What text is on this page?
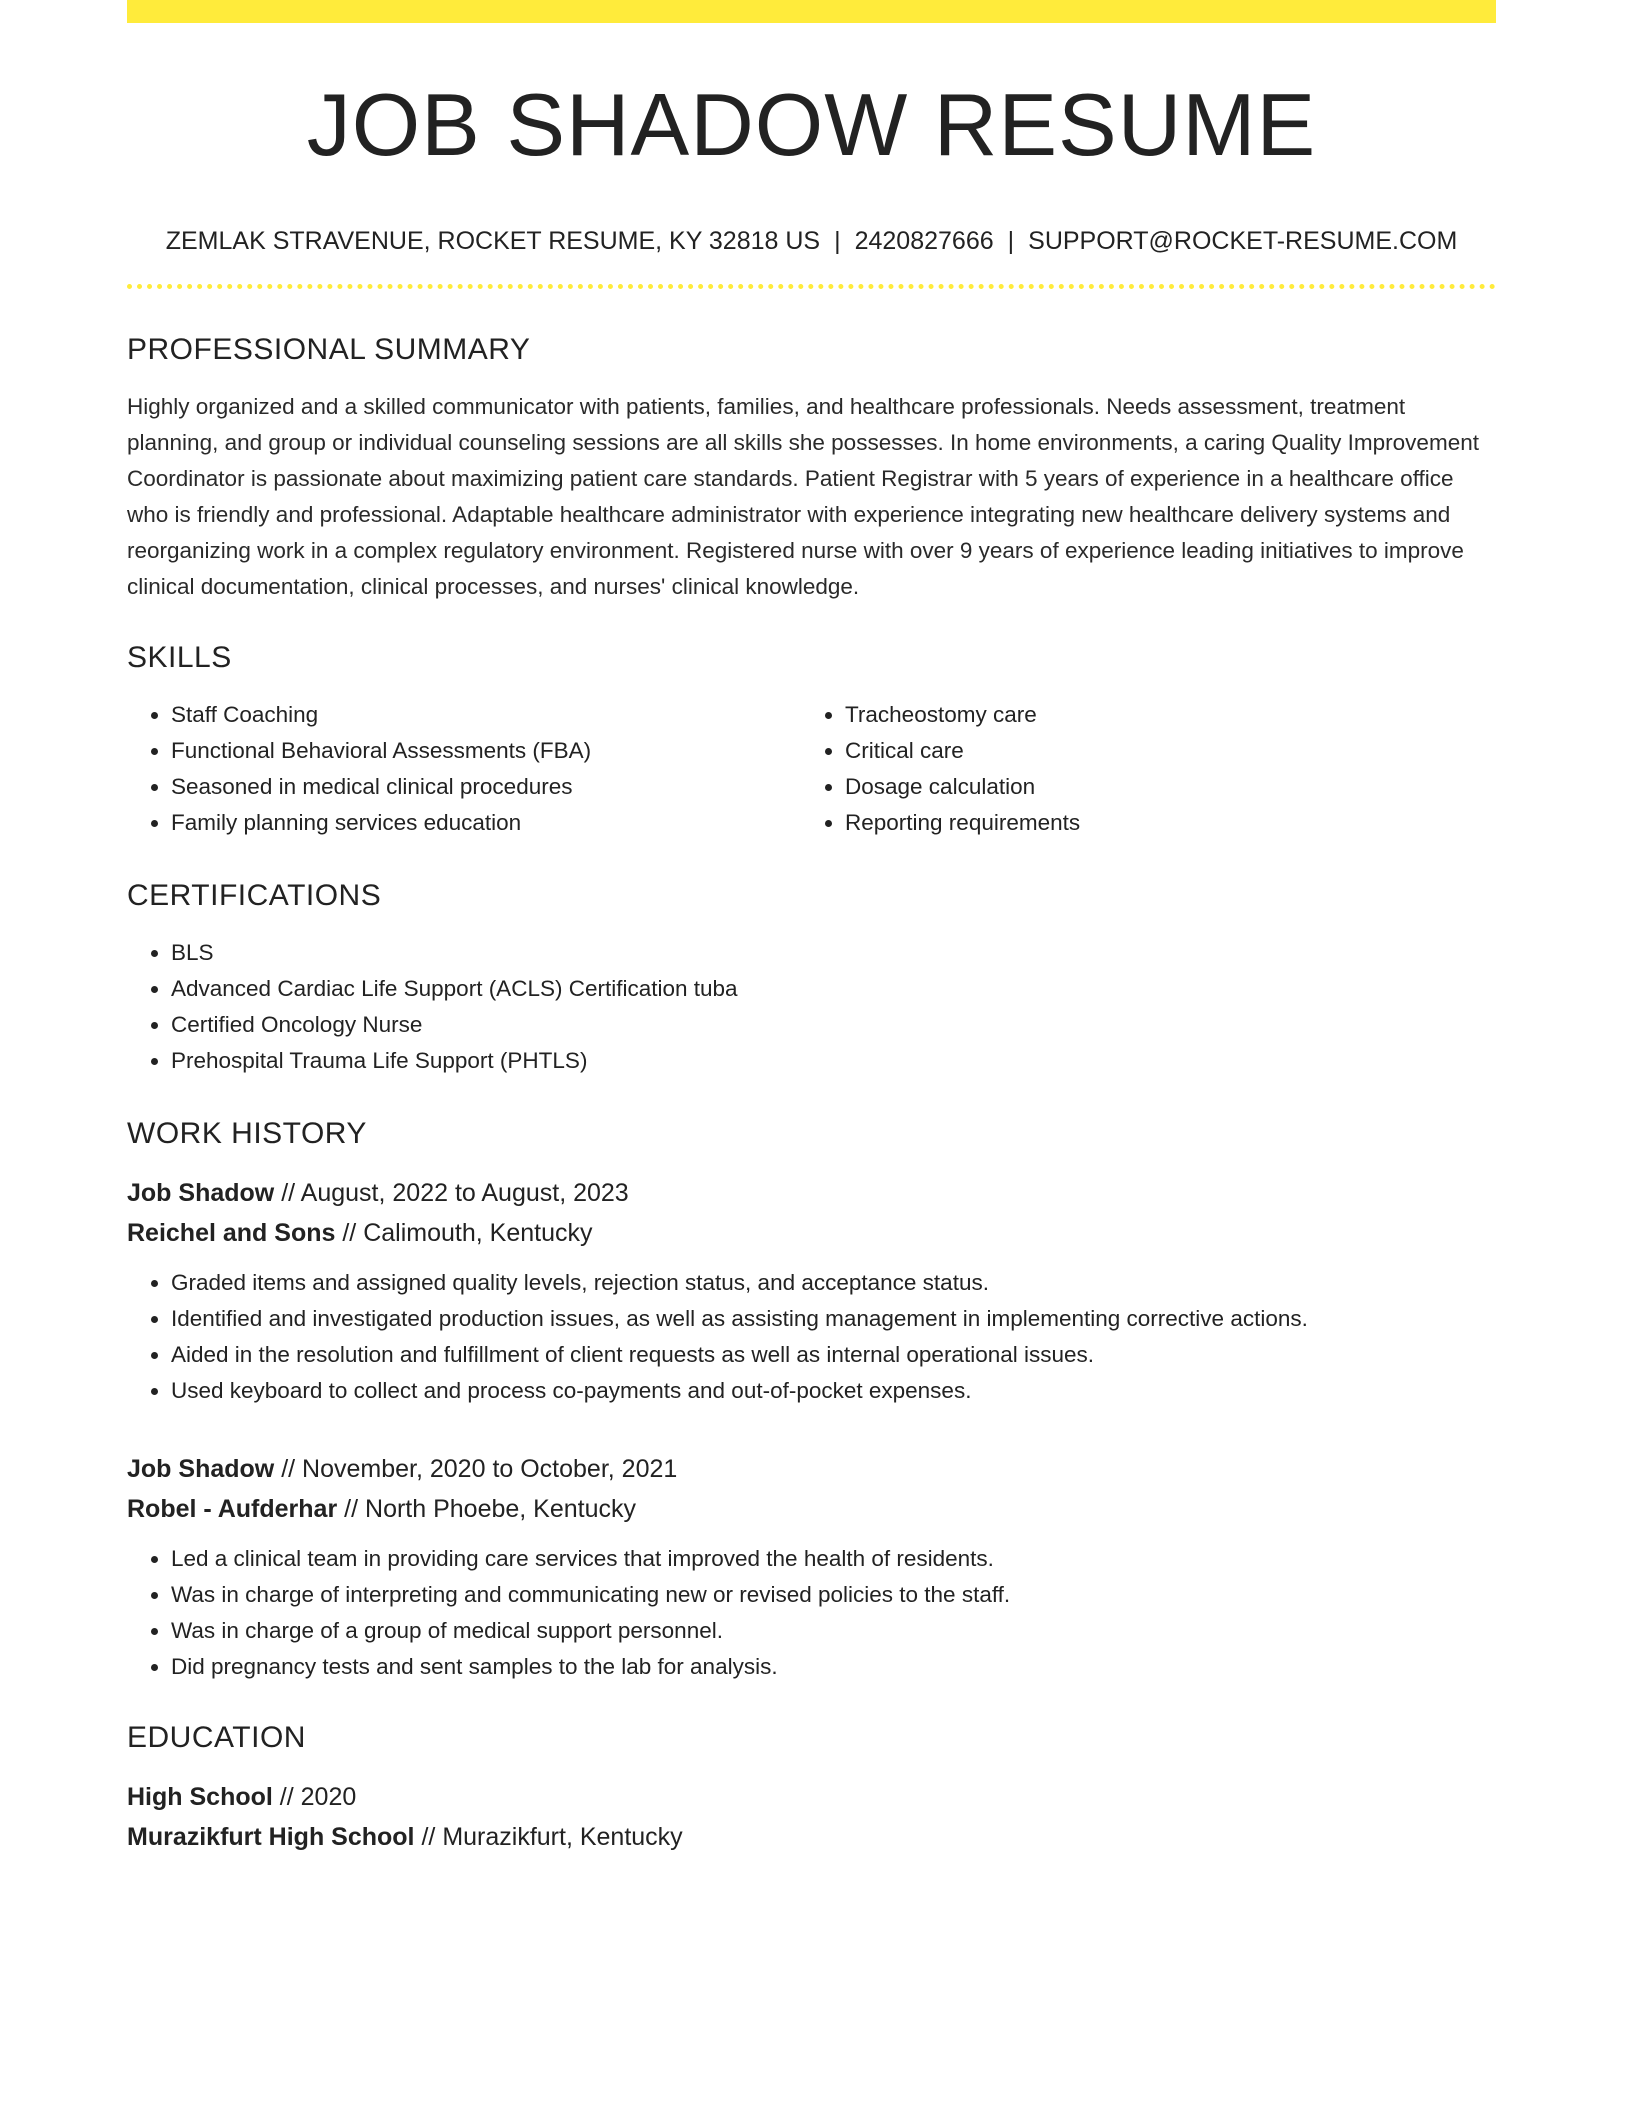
JOB SHADOW RESUME
ZEMLAK STRAVENUE, ROCKET RESUME, KY 32818 US | 2420827666 | SUPPORT@ROCKET-RESUME.COM
PROFESSIONAL SUMMARY

Highly organized and a skilled communicator with patients, families, and healthcare professionals. Needs assessment, treatment planning, and group or individual counseling sessions are all skills she possesses. In home environments, a caring Quality Improvement Coordinator is passionate about maximizing patient care standards. Patient Registrar with 5 years of experience in a healthcare office who is friendly and professional. Adaptable healthcare administrator with experience integrating new healthcare delivery systems and reorganizing work in a complex regulatory environment. Registered nurse with over 9 years of experience leading initiatives to improve clinical documentation, clinical processes, and nurses' clinical knowledge.

SKILLS
• Staff Coaching
• Functional Behavioral Assessments (FBA)
• Seasoned in medical clinical procedures
• Family planning services education
• Tracheostomy care
• Critical care
• Dosage calculation
• Reporting requirements
CERTIFICATIONS
• BLS
• Advanced Cardiac Life Support (ACLS) Certification tuba
• Certified Oncology Nurse
• Prehospital Trauma Life Support (PHTLS)
WORK HISTORY
Job Shadow // August, 2022 to August, 2023
Reichel and Sons // Calimouth, Kentucky
• Graded items and assigned quality levels, rejection status, and acceptance status.
• Identified and investigated production issues, as well as assisting management in implementing corrective actions.
• Aided in the resolution and fulfillment of client requests as well as internal operational issues.
• Used keyboard to collect and process co-payments and out-of-pocket expenses.
Job Shadow // November, 2020 to October, 2021
Robel - Aufderhar // North Phoebe, Kentucky
• Led a clinical team in providing care services that improved the health of residents.
• Was in charge of interpreting and communicating new or revised policies to the staff.
• Was in charge of a group of medical support personnel.
• Did pregnancy tests and sent samples to the lab for analysis.
EDUCATION
High School // 2020
Murazikfurt High School // Murazikfurt, Kentucky
